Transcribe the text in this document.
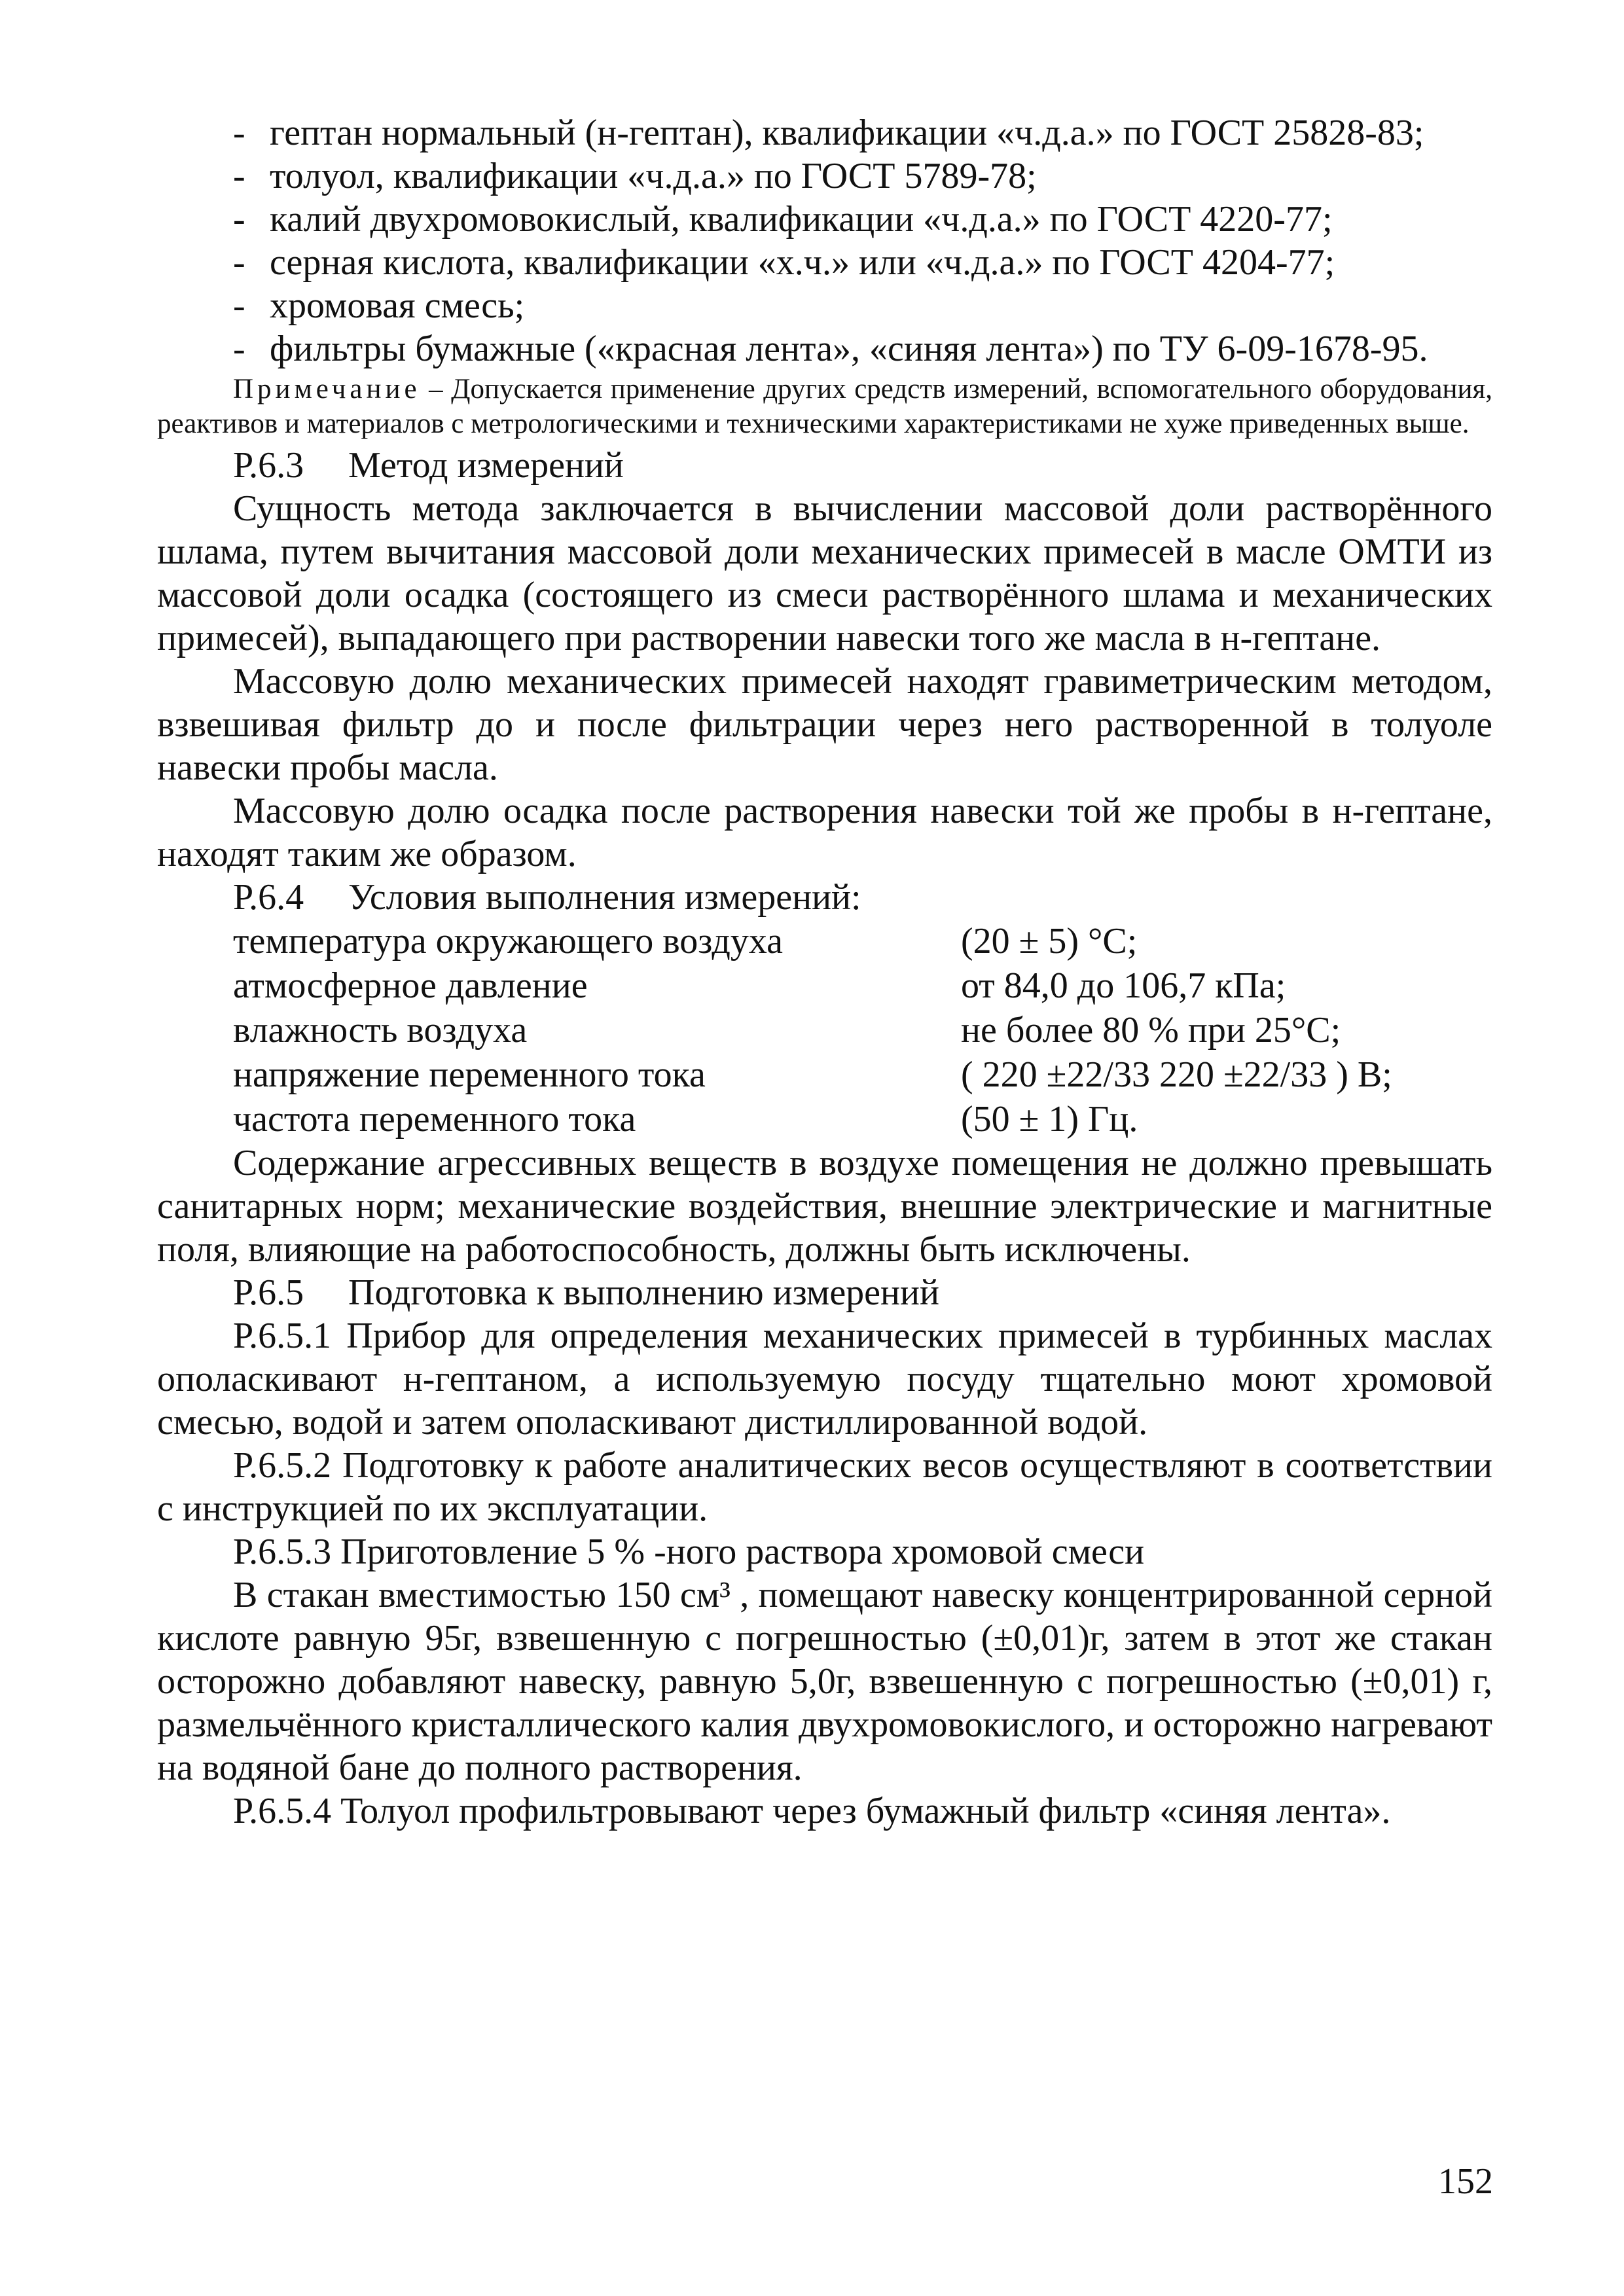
- гептан нормальный (н-гептан), квалификации «ч.д.а.» по ГОСТ 25828-83;
- толуол, квалификации «ч.д.а.» по ГОСТ 5789-78;
- калий двухромовокислый, квалификации «ч.д.а.» по ГОСТ 4220-77;
- серная кислота, квалификации «х.ч.» или «ч.д.а.» по ГОСТ 4204-77;
- хромовая смесь;
- фильтры бумажные («красная лента», «синяя лента») по ТУ 6-09-1678-95.

Примечание – Допускается применение других средств измерений, вспомогательного оборудования, реактивов и материалов с метрологическими и техническими характеристиками не хуже приведенных выше.

Р.6.3 Метод измерений

Сущность метода заключается в вычислении массовой доли растворённого шлама, путем вычитания массовой доли механических примесей в масле ОМТИ из массовой доли осадка (состоящего из смеси растворённого шлама и механических примесей), выпадающего при растворении навески того же масла в н-гептане.

Массовую долю механических примесей находят гравиметрическим методом, взвешивая фильтр до и после фильтрации через него растворенной в толуоле навески пробы масла.

Массовую долю осадка после растворения навески той же пробы в н-гептане, находят таким же образом.

Р.6.4 Условия выполнения измерений:
температура окружающего воздуха	(20 ± 5) °C;
атмосферное давление	от 84,0 до 106,7 кПа;
влажность воздуха	не более 80 % при 25°C;
напряжение переменного тока	( 220 ±22/33 220 ±22/33 ) В;
частота переменного тока	(50 ± 1) Гц.

Содержание агрессивных веществ в воздухе помещения не должно превышать санитарных норм; механические воздействия, внешние электрические и магнитные поля, влияющие на работоспособность, должны быть исключены.

Р.6.5 Подготовка к выполнению измерений

Р.6.5.1 Прибор для определения механических примесей в турбинных маслах ополаскивают н-гептаном, а используемую посуду тщательно моют хромовой смесью, водой и затем ополаскивают дистиллированной водой.

Р.6.5.2 Подготовку к работе аналитических весов осуществляют в соответствии с инструкцией по их эксплуатации.

Р.6.5.3 Приготовление 5 % -ного раствора хромовой смеси

В стакан вместимостью 150 см³ , помещают навеску концентрированной серной кислоте равную 95г, взвешенную с погрешностью (±0,01)г, затем в этот же стакан осторожно добавляют навеску, равную 5,0г, взвешенную с погрешностью (±0,01) г, размельчённого кристаллического калия двухромовокислого, и осторожно нагревают на водяной бане до полного растворения.

Р.6.5.4 Толуол профильтровывают через бумажный фильтр «синяя лента».

152
